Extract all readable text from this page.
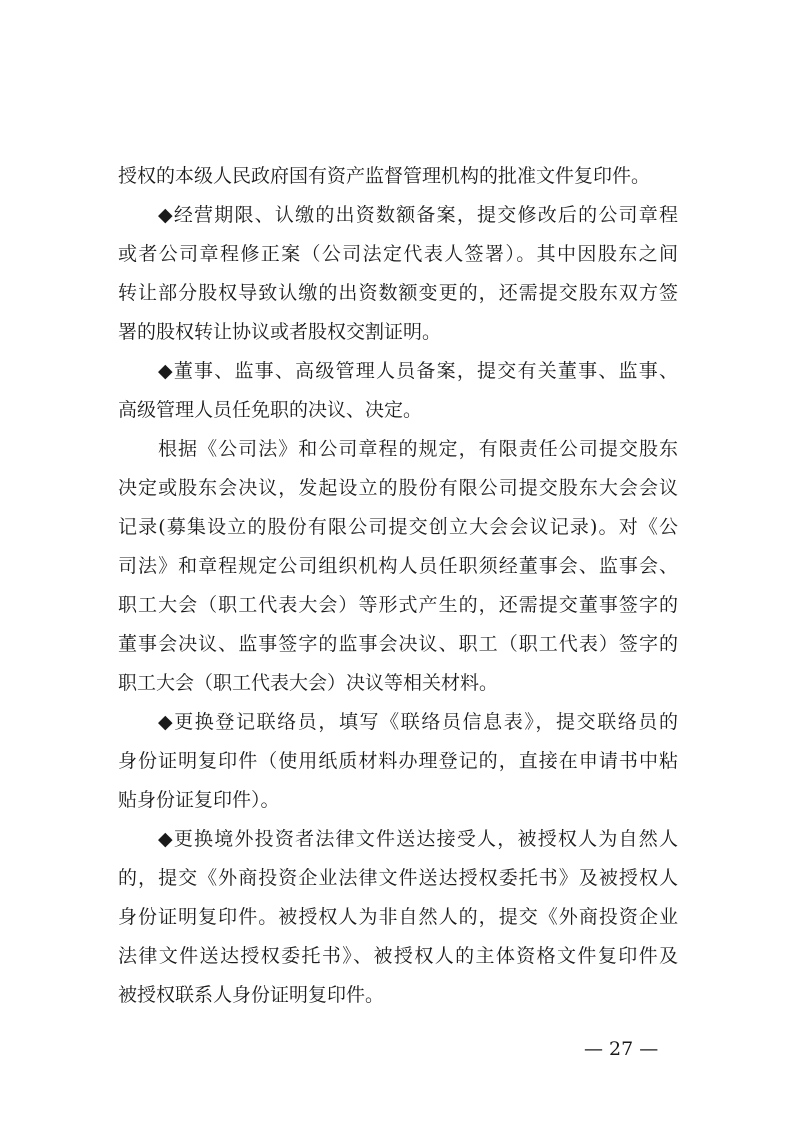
授权的本级人民政府国有资产监督管理机构的批准文件复印件。
◆经营期限、认缴的出资数额备案，提交修改后的公司章程
或者公司章程修正案（公司法定代表人签署）。其中因股东之间
转让部分股权导致认缴的出资数额变更的，还需提交股东双方签
署的股权转让协议或者股权交割证明。
◆董事、监事、高级管理人员备案，提交有关董事、监事、
高级管理人员任免职的决议、决定。
根据《公司法》和公司章程的规定，有限责任公司提交股东
决定或股东会决议，发起设立的股份有限公司提交股东大会会议
记录(募集设立的股份有限公司提交创立大会会议记录)。对《公
司法》和章程规定公司组织机构人员任职须经董事会、监事会、
职工大会（职工代表大会）等形式产生的，还需提交董事签字的
董事会决议、监事签字的监事会决议、职工（职工代表）签字的
职工大会（职工代表大会）决议等相关材料。
◆更换登记联络员，填写《联络员信息表》，提交联络员的
身份证明复印件（使用纸质材料办理登记的，直接在申请书中粘
贴身份证复印件）。
◆更换境外投资者法律文件送达接受人，被授权人为自然人
的，提交《外商投资企业法律文件送达授权委托书》及被授权人
身份证明复印件。被授权人为非自然人的，提交《外商投资企业
法律文件送达授权委托书》、被授权人的主体资格文件复印件及
被授权联系人身份证明复印件。
— 27 —
